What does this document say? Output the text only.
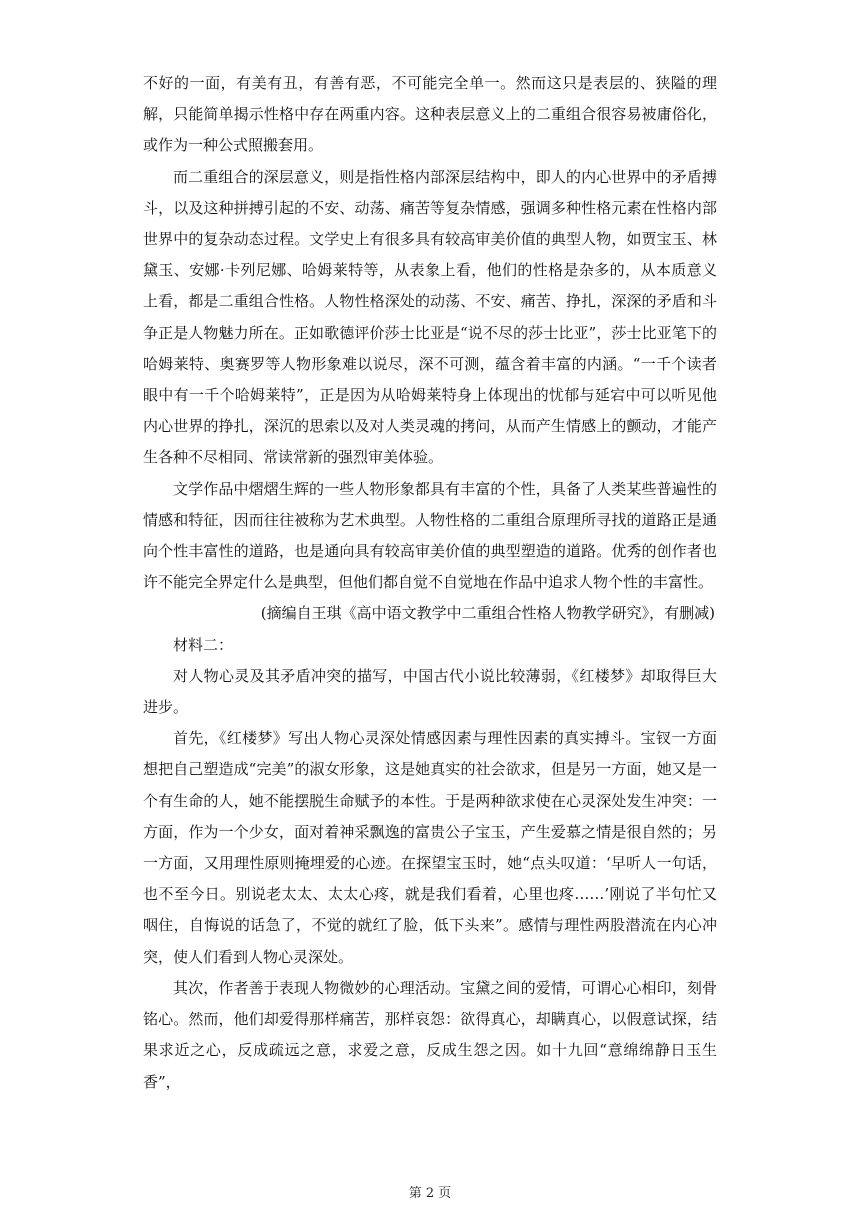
不好的一面，有美有丑，有善有恶，不可能完全单一。然而这只是表层的、狭隘的理解，只能简单揭示性格中存在两重内容。这种表层意义上的二重组合很容易被庸俗化，或作为一种公式照搬套用。

而二重组合的深层意义，则是指性格内部深层结构中，即人的内心世界中的矛盾搏斗，以及这种拼搏引起的不安、动荡、痛苦等复杂情感，强调多种性格元素在性格内部世界中的复杂动态过程。文学史上有很多具有较高审美价值的典型人物，如贾宝玉、林黛玉、安娜·卡列尼娜、哈姆莱特等，从表象上看，他们的性格是杂多的，从本质意义上看，都是二重组合性格。人物性格深处的动荡、不安、痛苦、挣扎，深深的矛盾和斗争正是人物魅力所在。正如歌德评价莎士比亚是“说不尽的莎士比亚”，莎士比亚笔下的哈姆莱特、奥赛罗等人物形象难以说尽，深不可测，蕴含着丰富的内涵。“一千个读者眼中有一千个哈姆莱特”，正是因为从哈姆莱特身上体现出的忧郁与延宕中可以听见他内心世界的挣扎，深沉的思索以及对人类灵魂的拷问，从而产生情感上的颤动，才能产生各种不尽相同、常读常新的强烈审美体验。

文学作品中熠熠生辉的一些人物形象都具有丰富的个性，具备了人类某些普遍性的情感和特征，因而往往被称为艺术典型。人物性格的二重组合原理所寻找的道路正是通向个性丰富性的道路，也是通向具有较高审美价值的典型塑造的道路。优秀的创作者也许不能完全界定什么是典型，但他们都自觉不自觉地在作品中追求人物个性的丰富性。

(摘编自王琪《高中语文教学中二重组合性格人物教学研究》，有删减)

材料二：

对人物心灵及其矛盾冲突的描写，中国古代小说比较薄弱，《红楼梦》却取得巨大进步。

首先，《红楼梦》写出人物心灵深处情感因素与理性因素的真实搏斗。宝钗一方面想把自己塑造成“完美”的淑女形象，这是她真实的社会欲求，但是另一方面，她又是一个有生命的人，她不能摆脱生命赋予的本性。于是两种欲求使在心灵深处发生冲突：一方面，作为一个少女，面对着神采飘逸的富贵公子宝玉，产生爱慕之情是很自然的；另一方面，又用理性原则掩埋爱的心迹。在探望宝玉时，她“点头叹道：‘早听人一句话，也不至今日。别说老太太、太太心疼，就是我们看着，心里也疼……’刚说了半句忙又咽住，自悔说的话急了，不觉的就红了脸，低下头来”。感情与理性两股潜流在内心冲突，使人们看到人物心灵深处。

其次，作者善于表现人物微妙的心理活动。宝黛之间的爱情，可谓心心相印，刻骨铭心。然而，他们却爱得那样痛苦，那样哀怨：欲得真心，却瞒真心，以假意试探，结果求近之心，反成疏远之意，求爱之意，反成生怨之因。如十九回“意绵绵静日玉生香”，

第 2 页
